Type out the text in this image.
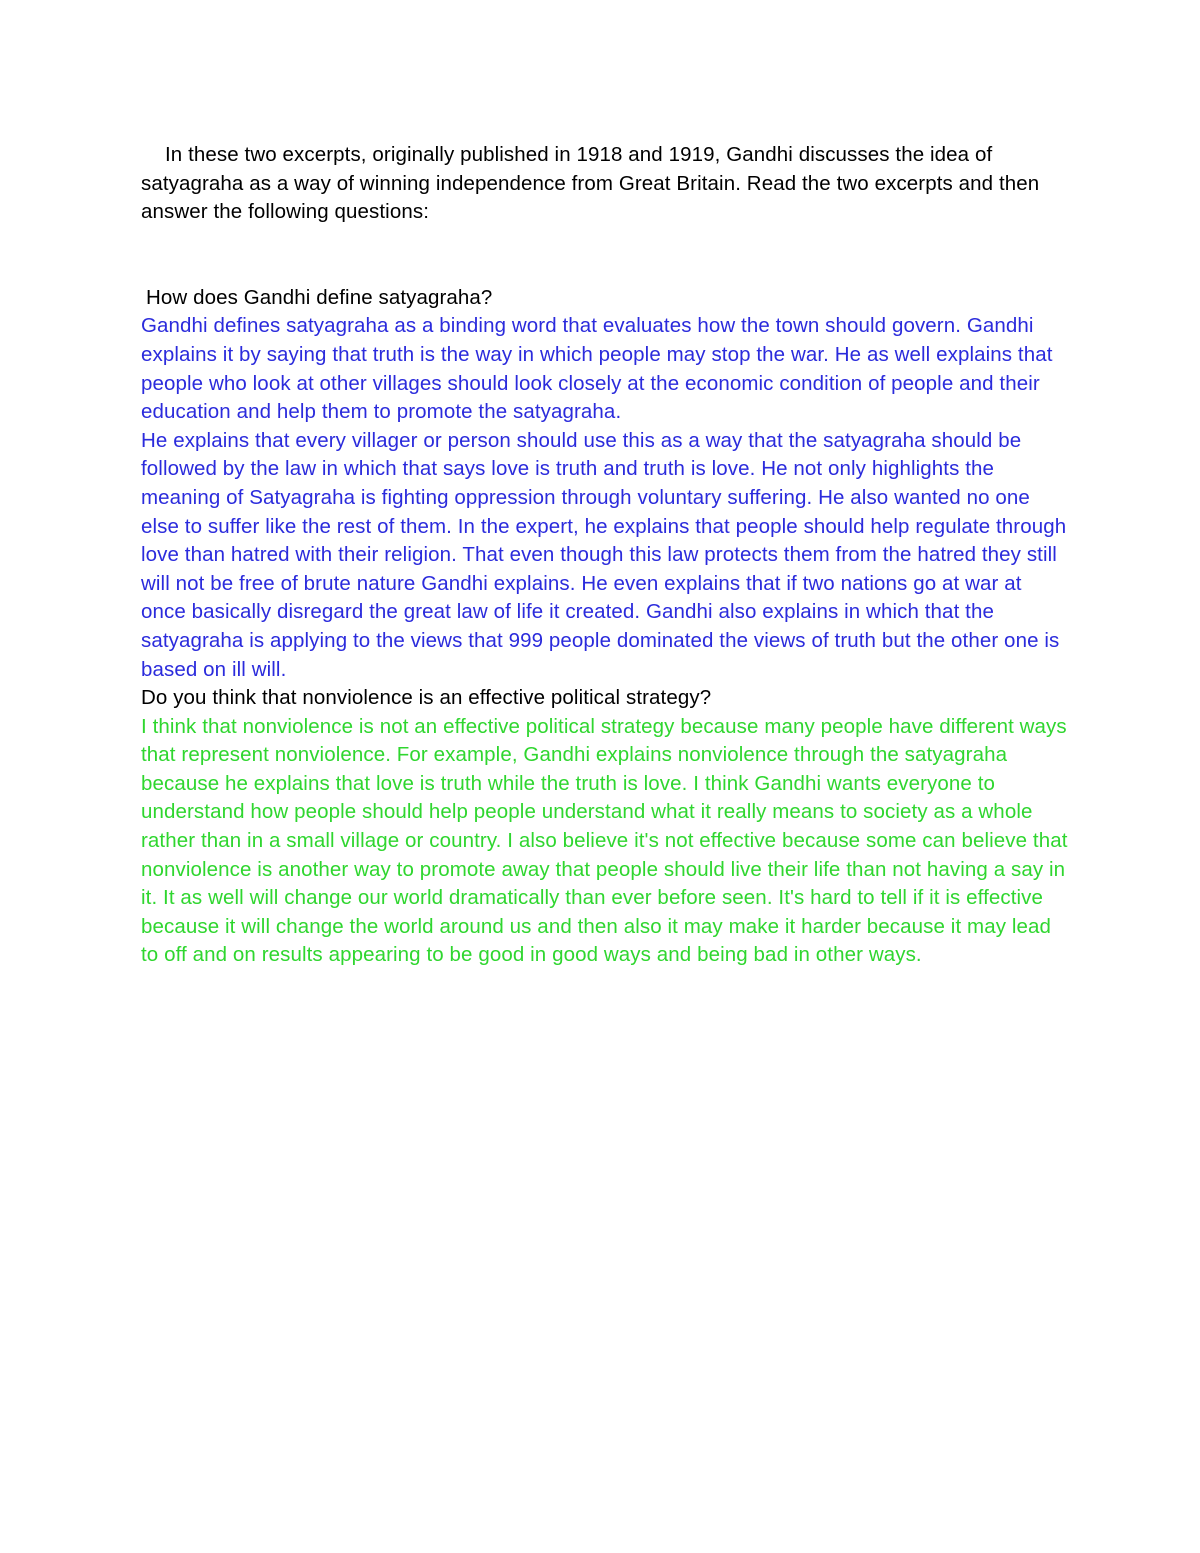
In these two excerpts, originally published in 1918 and 1919, Gandhi discusses the idea of satyagraha as a way of winning independence from Great Britain. Read the two excerpts and then answer the following questions:

How does Gandhi define satyagraha?

Gandhi defines satyagraha as a binding word that evaluates how the town should govern. Gandhi explains it by saying that truth is the way in which people may stop the war. He as well explains that people who look at other villages should look closely at the economic condition of people and their education and help them to promote the satyagraha.

He explains that every villager or person should use this as a way that the satyagraha should be followed by the law in which that says love is truth and truth is love. He not only highlights the meaning of Satyagraha is fighting oppression through voluntary suffering. He also wanted no one else to suffer like the rest of them. In the expert, he explains that people should help regulate through love than hatred with their religion. That even though this law protects them from the hatred they still will not be free of brute nature Gandhi explains. He even explains that if two nations go at war at once basically disregard the great law of life it created. Gandhi also explains in which that the satyagraha is applying to the views that 999 people dominated the views of truth but the other one is based on ill will.

Do you think that nonviolence is an effective political strategy?

I think that nonviolence is not an effective political strategy because many people have different ways that represent nonviolence. For example, Gandhi explains nonviolence through the satyagraha because he explains that love is truth while the truth is love. I think Gandhi wants everyone to understand how people should help people understand what it really means to society as a whole rather than in a small village or country. I also believe it's not effective because some can believe that nonviolence is another way to promote away that people should live their life than not having a say in it. It as well will change our world dramatically than ever before seen. It's hard to tell if it is effective because it will change the world around us and then also it may make it harder because it may lead to off and on results appearing to be good in good ways and being bad in other ways.
